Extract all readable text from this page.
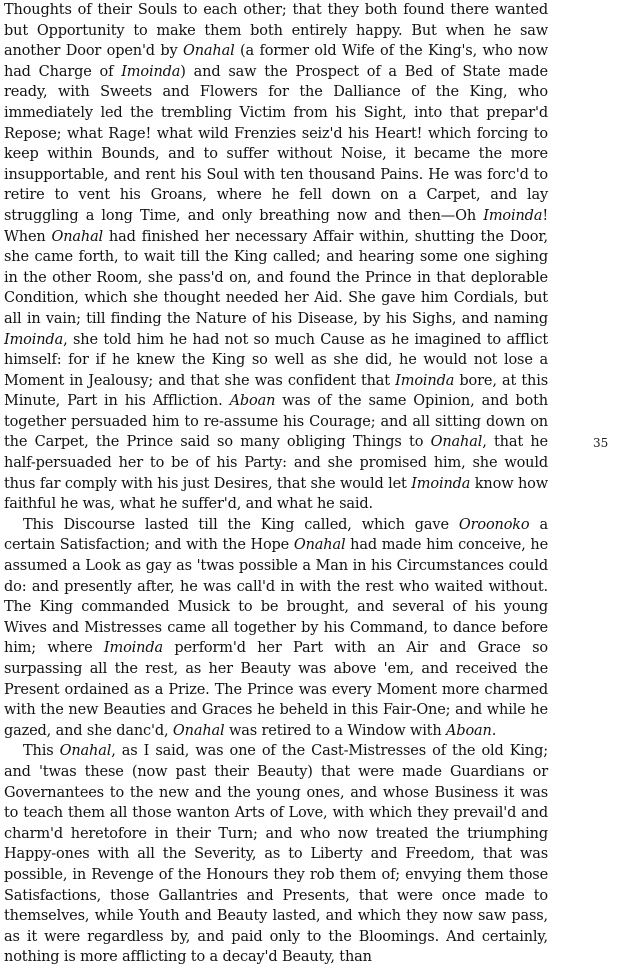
Thoughts of their Souls to each other; that they both found there wanted but Opportunity to make them both entirely happy. But when he saw another Door open'd by Onahal (a former old Wife of the King's, who now had Charge of Imoinda) and saw the Prospect of a Bed of State made ready, with Sweets and Flowers for the Dalliance of the King, who immediately led the trembling Victim from his Sight, into that prepar'd Repose; what Rage! what wild Frenzies seiz'd his Heart! which forcing to keep within Bounds, and to suffer without Noise, it became the more insupportable, and rent his Soul with ten thousand Pains. He was forc'd to retire to vent his Groans, where he fell down on a Carpet, and lay struggling a long Time, and only breathing now and then—Oh Imoinda! When Onahal had finished her necessary Affair within, shutting the Door, she came forth, to wait till the King called; and hearing some one sighing in the other Room, she pass'd on, and found the Prince in that deplorable Condition, which she thought needed her Aid. She gave him Cordials, but all in vain; till finding the Nature of his Disease, by his Sighs, and naming Imoinda, she told him he had not so much Cause as he imagined to afflict himself: for if he knew the King so well as she did, he would not lose a Moment in Jealousy; and that she was confident that Imoinda bore, at this Minute, Part in his Affliction. Aboan was of the same Opinion, and both together persuaded him to re-assume his Courage; and all sitting down on the Carpet, the Prince said so many obliging Things to Onahal, that he half-persuaded her to be of his Party: and she promised him, she would thus far comply with his just Desires, that she would let Imoinda know how faithful he was, what he suffer'd, and what he said.

This Discourse lasted till the King called, which gave Oroonoko a certain Satisfaction; and with the Hope Onahal had made him conceive, he assumed a Look as gay as 'twas possible a Man in his Circumstances could do: and presently after, he was call'd in with the rest who waited without. The King commanded Musick to be brought, and several of his young Wives and Mistresses came all together by his Command, to dance before him; where Imoinda perform'd her Part with an Air and Grace so surpassing all the rest, as her Beauty was above 'em, and received the Present ordained as a Prize. The Prince was every Moment more charmed with the new Beauties and Graces he beheld in this Fair-One; and while he gazed, and she danc'd, Onahal was retired to a Window with Aboan.

This Onahal, as I said, was one of the Cast-Mistresses of the old King; and 'twas these (now past their Beauty) that were made Guardians or Governantees to the new and the young ones, and whose Business it was to teach them all those wanton Arts of Love, with which they prevail'd and charm'd heretofore in their Turn; and who now treated the triumphing Happy-ones with all the Severity, as to Liberty and Freedom, that was possible, in Revenge of the Honours they rob them of; envying them those Satisfactions, those Gallantries and Presents, that were once made to themselves, while Youth and Beauty lasted, and which they now saw pass, as it were regardless by, and paid only to the Bloomings. And certainly, nothing is more afflicting to a decay'd Beauty, than

35
